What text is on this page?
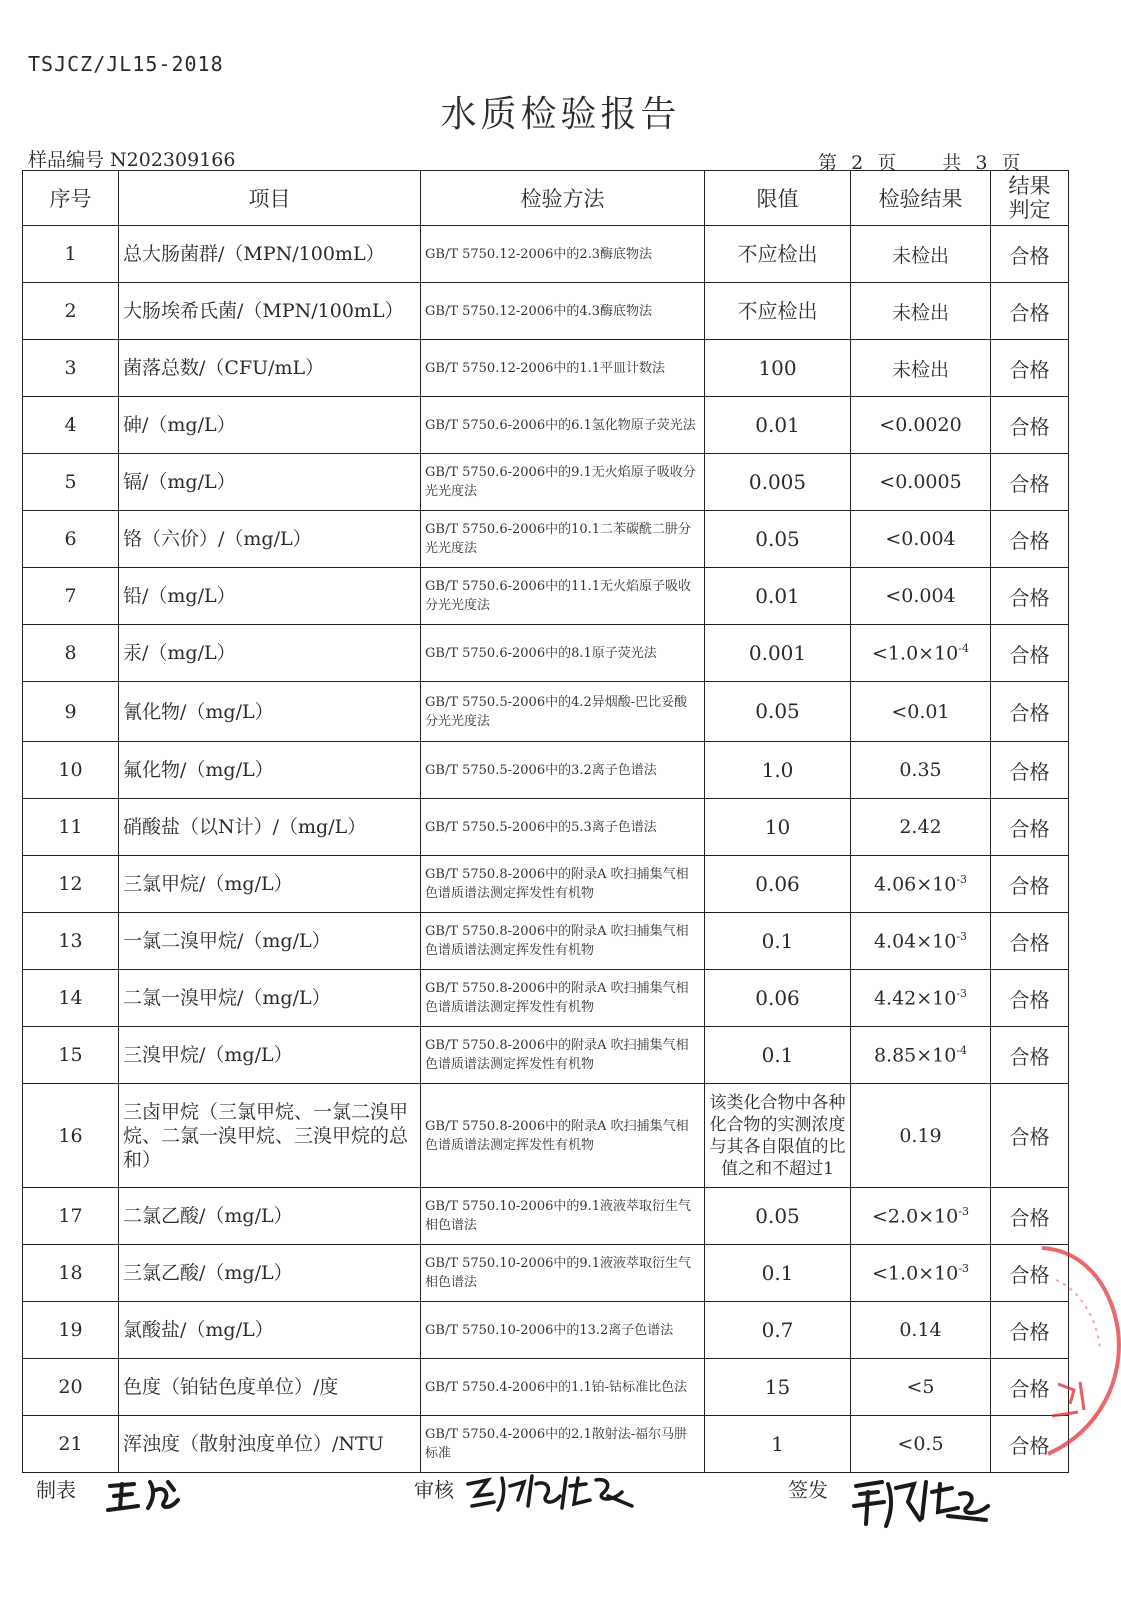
TSJCZ/JL15-2018
水质检验报告
样品编号 N202309166	第 2 页 共 3 页
序号	项目	检验方法	限值	检验结果	结果判定
1	总大肠菌群/（MPN/100mL）	GB/T 5750.12-2006中的2.3酶底物法	不应检出	未检出	合格
2	大肠埃希氏菌/（MPN/100mL）	GB/T 5750.12-2006中的4.3酶底物法	不应检出	未检出	合格
3	菌落总数/（CFU/mL）	GB/T 5750.12-2006中的1.1平皿计数法	100	未检出	合格
4	砷/（mg/L）	GB/T 5750.6-2006中的6.1氢化物原子荧光法	0.01	<0.0020	合格
5	镉/（mg/L）	GB/T 5750.6-2006中的9.1无火焰原子吸收分光光度法	0.005	<0.0005	合格
6	铬（六价）/（mg/L）	GB/T 5750.6-2006中的10.1二苯碳酰二肼分光光度法	0.05	<0.004	合格
7	铅/（mg/L）	GB/T 5750.6-2006中的11.1无火焰原子吸收分光光度法	0.01	<0.004	合格
8	汞/（mg/L）	GB/T 5750.6-2006中的8.1原子荧光法	0.001	$<1.0\times 10^{-4}$	合格
9	氰化物/（mg/L）	GB/T 5750.5-2006中的4.2异烟酸-巴比妥酸分光光度法	0.05	<0.01	合格
10	氟化物/（mg/L）	GB/T 5750.5-2006中的3.2离子色谱法	1.0	0.35	合格
11	硝酸盐（以N计）/（mg/L）	GB/T 5750.5-2006中的5.3离子色谱法	10	2.42	合格
12	三氯甲烷/（mg/L）	GB/T 5750.8-2006中的附录A 吹扫捕集气相色谱质谱法测定挥发性有机物	0.06	$4.06\times 10^{-3}$	合格
13	一氯二溴甲烷/（mg/L）	GB/T 5750.8-2006中的附录A 吹扫捕集气相色谱质谱法测定挥发性有机物	0.1	$4.04\times 10^{-3}$	合格
14	二氯一溴甲烷/（mg/L）	GB/T 5750.8-2006中的附录A 吹扫捕集气相色谱质谱法测定挥发性有机物	0.06	$4.42\times 10^{-3}$	合格
15	三溴甲烷/（mg/L）	GB/T 5750.8-2006中的附录A 吹扫捕集气相色谱质谱法测定挥发性有机物	0.1	$8.85\times 10^{-4}$	合格
16	三卤甲烷（三氯甲烷、一氯二溴甲烷、二氯一溴甲烷、三溴甲烷的总和）	GB/T 5750.8-2006中的附录A 吹扫捕集气相色谱质谱法测定挥发性有机物	该类化合物中各种化合物的实测浓度与其各自限值的比值之和不超过1	0.19	合格
17	二氯乙酸/（mg/L）	GB/T 5750.10-2006中的9.1液液萃取衍生气相色谱法	0.05	$<2.0\times 10^{-3}$	合格
18	三氯乙酸/（mg/L）	GB/T 5750.10-2006中的9.1液液萃取衍生气相色谱法	0.1	$<1.0\times 10^{-3}$	合格
19	氯酸盐/（mg/L）	GB/T 5750.10-2006中的13.2离子色谱法	0.7	0.14	合格
20	色度（铂钴色度单位）/度	GB/T 5750.4-2006中的1.1铂-钴标准比色法	15	<5	合格
21	浑浊度（散射浊度单位）/NTU	GB/T 5750.4-2006中的2.1散射法-福尔马肼标准	1	<0.5	合格
制表	审核	签发
